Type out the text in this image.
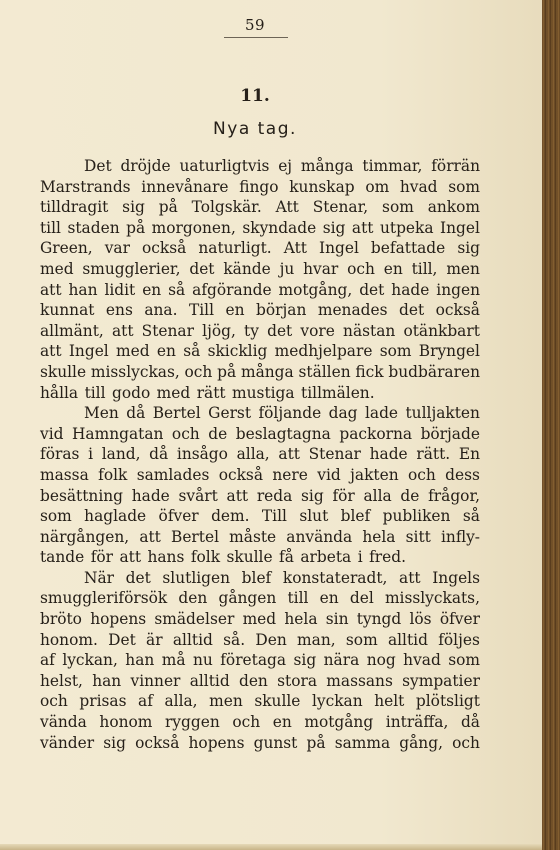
59
11.
Nya tag.
Det dröjde uaturligtvis ej många timmar, förrän
Marstrands innevånare fingo kunskap om hvad som
tilldragit sig på Tolgskär. Att Stenar, som ankom
till staden på morgonen, skyndade sig att utpeka Ingel
Green, var också naturligt. Att Ingel befattade sig
med smugglerier, det kände ju hvar och en till, men
att han lidit en så afgörande motgång, det hade ingen
kunnat ens ana. Till en början menades det också
allmänt, att Stenar ljög, ty det vore nästan otänkbart
att Ingel med en så skicklig medhjelpare som Bryngel
skulle misslyckas, och på många ställen fick budbäraren
hålla till godo med rätt mustiga tillmälen.
Men då Bertel Gerst följande dag lade tulljakten
vid Hamngatan och de beslagtagna packorna började
föras i land, då insågo alla, att Stenar hade rätt. En
massa folk samlades också nere vid jakten och dess
besättning hade svårt att reda sig för alla de frågor,
som haglade öfver dem. Till slut blef publiken så
närgången, att Bertel måste använda hela sitt infly-
tande för att hans folk skulle få arbeta i fred.
När det slutligen blef konstateradt, att Ingels
smuggleriförsök den gången till en del misslyckats,
bröto hopens smädelser med hela sin tyngd lös öfver
honom. Det är alltid så. Den man, som alltid följes
af lyckan, han må nu företaga sig nära nog hvad som
helst, han vinner alltid den stora massans sympatier
och prisas af alla, men skulle lyckan helt plötsligt
vända honom ryggen och en motgång inträffa, då
vänder sig också hopens gunst på samma gång, och
